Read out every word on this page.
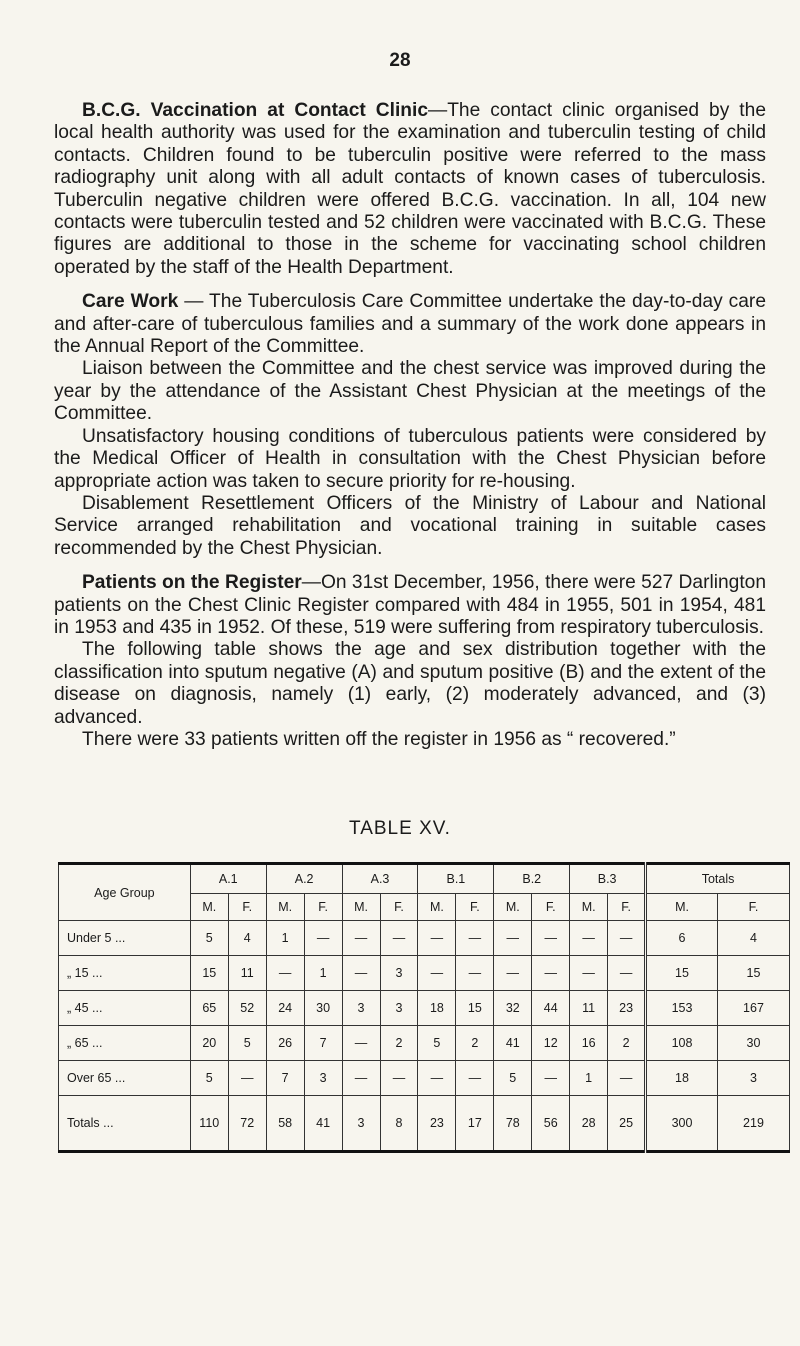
28

B.C.G. Vaccination at Contact Clinic—The contact clinic organised by the local health authority was used for the examination and tuberculin testing of child contacts. Children found to be tuberculin positive were referred to the mass radiography unit along with all adult contacts of known cases of tuberculosis. Tuberculin negative children were offered B.C.G. vaccination. In all, 104 new contacts were tuberculin tested and 52 children were vaccinated with B.C.G. These figures are additional to those in the scheme for vaccinating school children operated by the staff of the Health Department.

Care Work — The Tuberculosis Care Committee undertake the day-to-day care and after-care of tuberculous families and a summary of the work done appears in the Annual Report of the Committee.

Liaison between the Committee and the chest service was improved during the year by the attendance of the Assistant Chest Physician at the meetings of the Committee.

Unsatisfactory housing conditions of tuberculous patients were considered by the Medical Officer of Health in consultation with the Chest Physician before appropriate action was taken to secure priority for re-housing.

Disablement Resettlement Officers of the Ministry of Labour and National Service arranged rehabilitation and vocational training in suitable cases recommended by the Chest Physician.

Patients on the Register—On 31st December, 1956, there were 527 Darlington patients on the Chest Clinic Register compared with 484 in 1955, 501 in 1954, 481 in 1953 and 435 in 1952. Of these, 519 were suffering from respiratory tuberculosis.

The following table shows the age and sex distribution together with the classification into sputum negative (A) and sputum positive (B) and the extent of the disease on diagnosis, namely (1) early, (2) moderately advanced, and (3) advanced.

There were 33 patients written off the register in 1956 as “ recovered.”

TABLE XV.
Age Group	A.1		A.2		A.3		B.1		B.2		B.3		Totals	
	M.	F.	M.	F.	M.	F.	M.	F.	M.	F.	M.	F.	M.	F.
Under 5 ...	5	4	1	—	—	—	—	—	—	—	—	—	6	4
„ 15 ...	15	11	—	1	—	3	—	—	—	—	—	—	15	15
„ 45 ...	65	52	24	30	3	3	18	15	32	44	11	23	153	167
„ 65 ...	20	5	26	7	—	2	5	2	41	12	16	2	108	30
Over 65 ...	5	—	7	3	—	—	—	—	5	—	1	—	18	3
Totals ...	110	72	58	41	3	8	23	17	78	56	28	25	300	219
